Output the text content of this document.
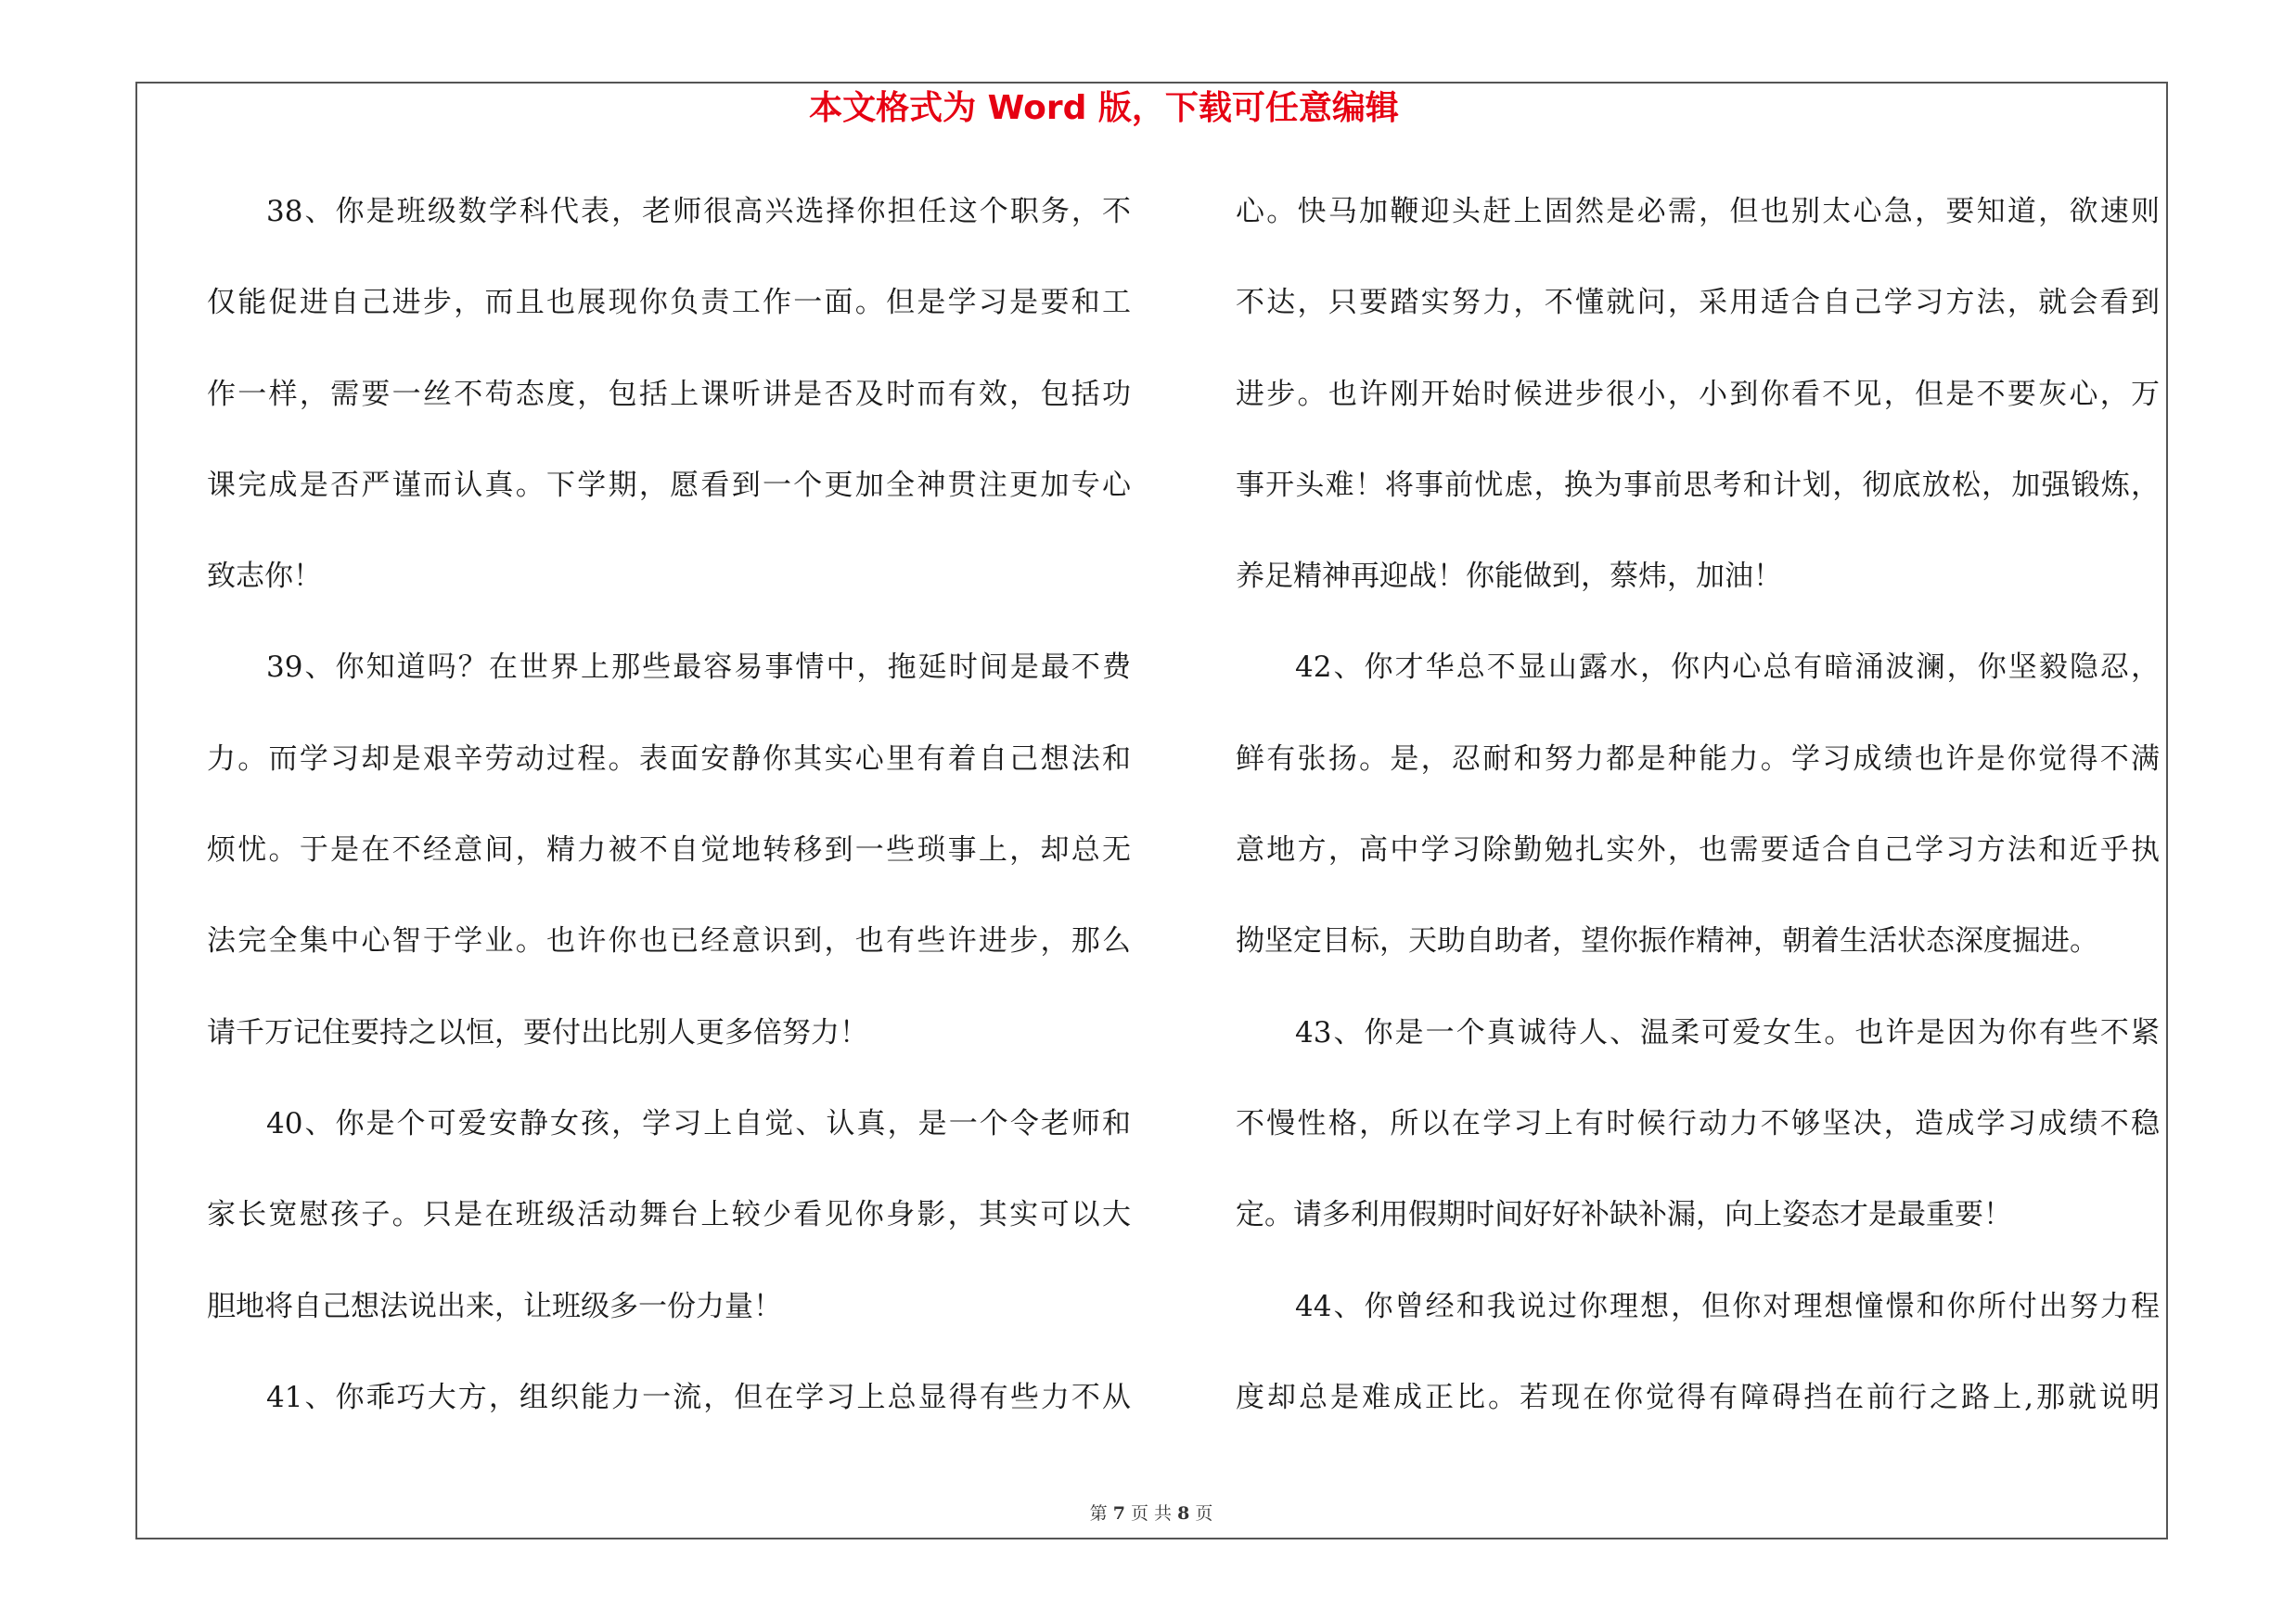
本文格式为 Word 版，下载可任意编辑
38、你是班级数学科代表，老师很高兴选择你担任这个职务，不
仅能促进自己进步，而且也展现你负责工作一面。但是学习是要和工
作一样，需要一丝不苟态度，包括上课听讲是否及时而有效，包括功
课完成是否严谨而认真。下学期，愿看到一个更加全神贯注更加专心
致志你！
39、你知道吗？在世界上那些最容易事情中，拖延时间是最不费
力。而学习却是艰辛劳动过程。表面安静你其实心里有着自己想法和
烦忧。于是在不经意间，精力被不自觉地转移到一些琐事上，却总无
法完全集中心智于学业。也许你也已经意识到，也有些许进步，那么
请千万记住要持之以恒，要付出比别人更多倍努力！
40、你是个可爱安静女孩，学习上自觉、认真，是一个令老师和
家长宽慰孩子。只是在班级活动舞台上较少看见你身影，其实可以大
胆地将自己想法说出来，让班级多一份力量！
41、你乖巧大方，组织能力一流，但在学习上总显得有些力不从
心。快马加鞭迎头赶上固然是必需，但也别太心急，要知道，欲速则
不达，只要踏实努力，不懂就问，采用适合自己学习方法，就会看到
进步。也许刚开始时候进步很小，小到你看不见，但是不要灰心，万
事开头难！将事前忧虑，换为事前思考和计划，彻底放松，加强锻炼，
养足精神再迎战！你能做到，蔡炜，加油！
42、你才华总不显山露水，你内心总有暗涌波澜，你坚毅隐忍，
鲜有张扬。是，忍耐和努力都是种能力。学习成绩也许是你觉得不满
意地方，高中学习除勤勉扎实外，也需要适合自己学习方法和近乎执
拗坚定目标，天助自助者，望你振作精神，朝着生活状态深度掘进。
43、你是一个真诚待人、温柔可爱女生。也许是因为你有些不紧
不慢性格，所以在学习上有时候行动力不够坚决，造成学习成绩不稳
定。请多利用假期时间好好补缺补漏，向上姿态才是最重要！
44、你曾经和我说过你理想，但你对理想憧憬和你所付出努力程
度却总是难成正比。若现在你觉得有障碍挡在前行之路上,那就说明
第 7 页 共 8 页
